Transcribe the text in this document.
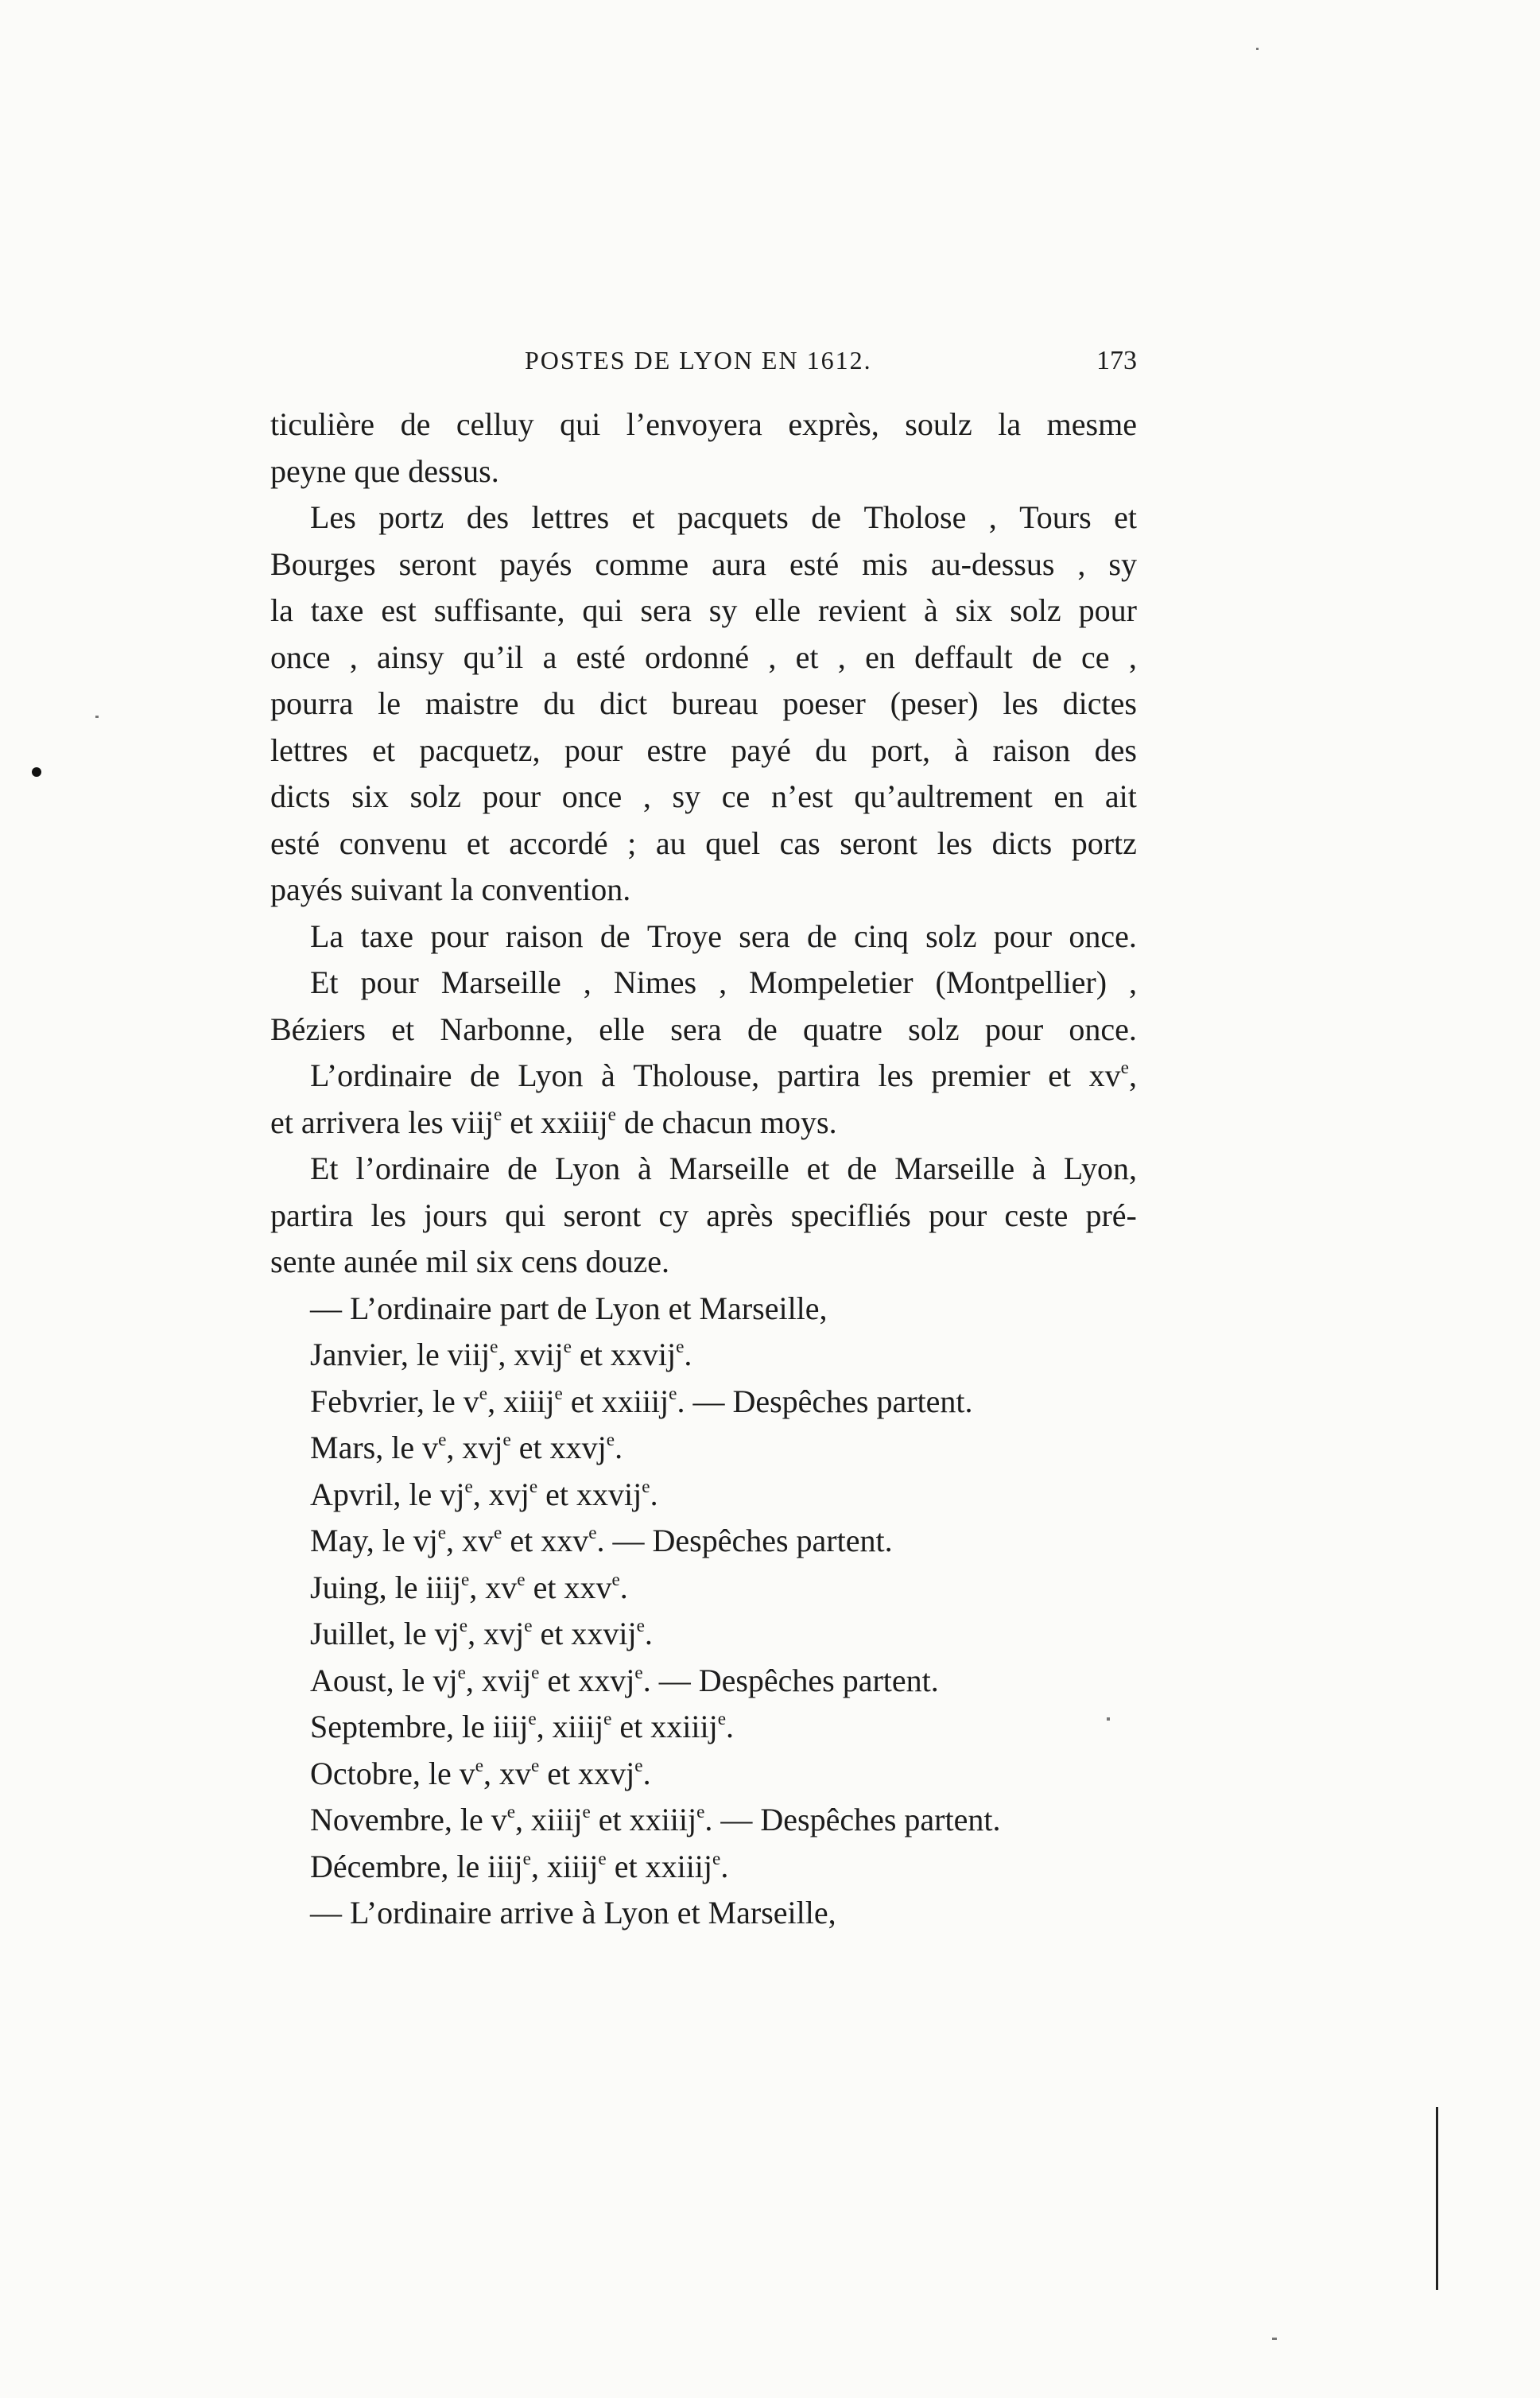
POSTES DE LYON EN 1612.	173
ticulière de celluy qui l’envoyera exprès, soulz la mesme
peyne que dessus.
Les portz des lettres et pacquets de Tholose , Tours et
Bourges seront payés comme aura esté mis au-dessus , sy
la taxe est suffisante, qui sera sy elle revient à six solz pour
once , ainsy qu’il a esté ordonné , et , en deffault de ce ,
pourra le maistre du dict bureau poeser (peser) les dictes
lettres et pacquetz, pour estre payé du port, à raison des
dicts six solz pour once , sy ce n’est qu’aultrement en ait
esté convenu et accordé ; au quel cas seront les dicts portz
payés suivant la convention.
La taxe pour raison de Troye sera de cinq solz pour once.
Et pour Marseille , Nimes , Mompeletier (Montpellier) ,
Béziers et Narbonne, elle sera de quatre solz pour once.
L’ordinaire de Lyon à Tholouse, partira les premier et $xv^e$,
et arrivera les viij$^e$ et xxiiij$^e$ de chacun moys.
Et l’ordinaire de Lyon à Marseille et de Marseille à Lyon,
partira les jours qui seront cy après specifliés pour ceste pré-
sente aunée mil six cens douze.
— L’ordinaire part de Lyon et Marseille,
Janvier, le viij$^e$, xvij$^e$ et xxvij$^e$.
Febvrier, le $v^e$, xiiij$^e$ et xxiiij$^e$. — Despêches partent.
Mars, le $v^e$, xvj$^e$ et xxvj$^e$.
Apvril, le $vj^e$, xvj$^e$ et xxvij$^e$.
May, le $vj^e$, $xv^e$ et xxv$^e$. — Despêches partent.
Juing, le iiij$^e$, $xv^e$ et xxv$^e$.
Juillet, le $vj^e$, xvj$^e$ et xxvij$^e$.
Aoust, le $vj^e$, xvij$^e$ et xxvj$^e$. — Despêches partent.
Septembre, le iiij$^e$, xiiij$^e$ et xxiiij$^e$.
Octobre, le $v^e$, $xv^e$ et xxvj$^e$.
Novembre, le $v^e$, xiiij$^e$ et xxiiij$^e$. — Despêches partent.
Décembre, le iiij$^e$, xiiij$^e$ et xxiiij$^e$.
— L’ordinaire arrive à Lyon et Marseille,
